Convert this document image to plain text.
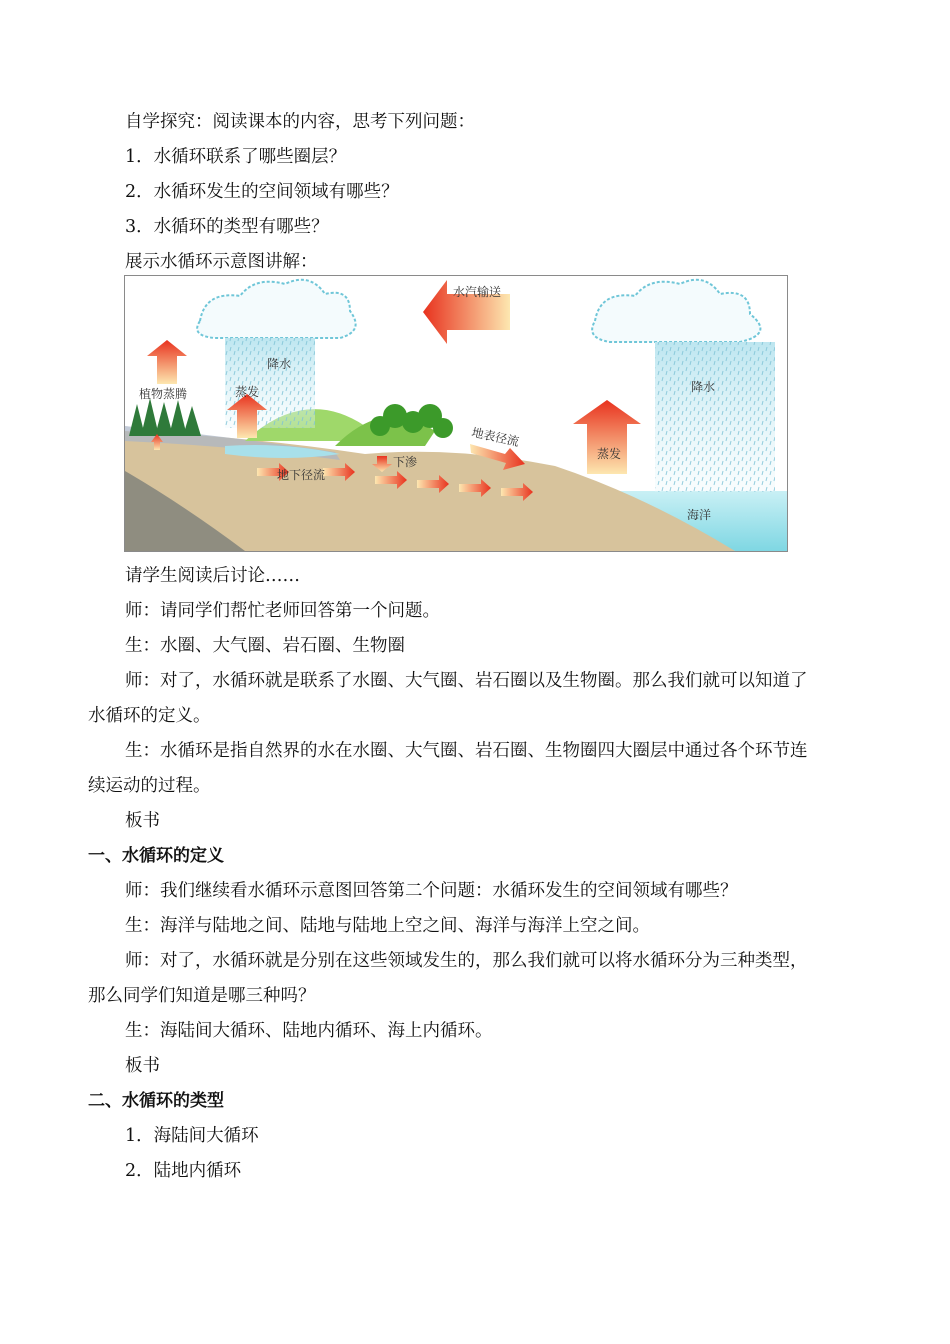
自学探究：阅读课本的内容，思考下列问题：
1．水循环联系了哪些圈层？
2．水循环发生的空间领域有哪些？
3．水循环的类型有哪些？
展示水循环示意图讲解：
水汽输送
降水
降水
植物蒸腾	蒸发
蒸发
地表径流
下渗
地下径流
海洋
请学生阅读后讨论……
师：请同学们帮忙老师回答第一个问题。
生：水圈、大气圈、岩石圈、生物圈
师：对了，水循环就是联系了水圈、大气圈、岩石圈以及生物圈。那么我们就可以知道了
水循环的定义。
生：水循环是指自然界的水在水圈、大气圈、岩石圈、生物圈四大圈层中通过各个环节连
续运动的过程。
板书
一、水循环的定义
师：我们继续看水循环示意图回答第二个问题：水循环发生的空间领域有哪些？
生：海洋与陆地之间、陆地与陆地上空之间、海洋与海洋上空之间。
师：对了，水循环就是分别在这些领域发生的，那么我们就可以将水循环分为三种类型，
那么同学们知道是哪三种吗？
生：海陆间大循环、陆地内循环、海上内循环。
板书
二、水循环的类型
1．海陆间大循环
2．陆地内循环
